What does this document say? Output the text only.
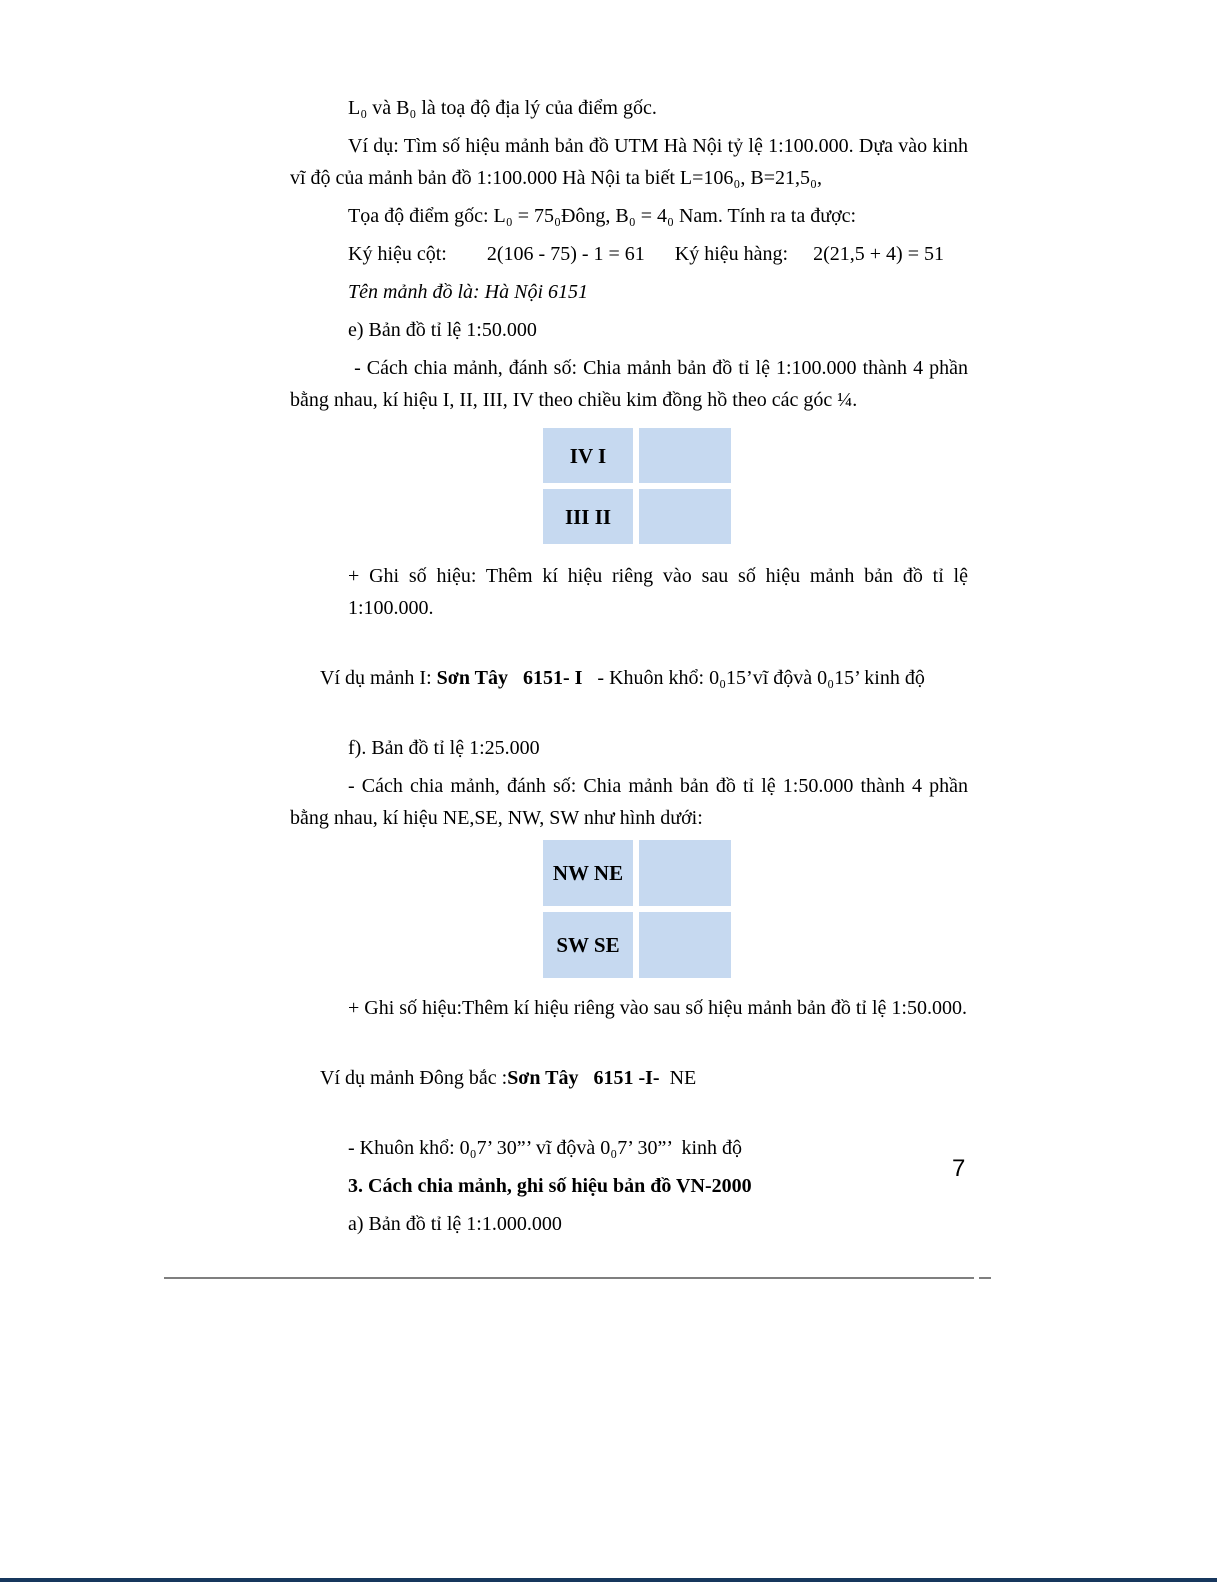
L₀ và B₀ là toạ độ địa lý của điểm gốc.

Ví dụ: Tìm số hiệu mảnh bản đồ UTM Hà Nội tỷ lệ 1:100.000. Dựa vào kinh vĩ độ của mảnh bản đồ 1:100.000 Hà Nội ta biết L=106₀, B=21,5₀,

Tọa độ điểm gốc: L₀ = 75₀Đông, B₀ = 4₀ Nam. Tính ra ta được:

Ký hiệu cột:        2(106 - 75) - 1 = 61      Ký hiệu hàng:     2(21,5 + 4) = 51

Tên mảnh đồ là: Hà Nội 6151

e) Bản đồ tỉ lệ 1:50.000

- Cách chia mảnh, đánh số: Chia mảnh bản đồ tỉ lệ 1:100.000 thành 4 phần bằng nhau, kí hiệu I, II, III, IV theo chiều kim đồng hồ theo các góc ¼.

IV I
III II

+ Ghi số hiệu: Thêm kí hiệu riêng vào sau số hiệu mảnh bản đồ tỉ lệ 1:100.000.

Ví dụ mảnh I: Sơn Tây   6151- I   - Khuôn khổ: 0₀15’vĩ độvà 0₀15’ kinh độ

f). Bản đồ tỉ lệ 1:25.000

- Cách chia mảnh, đánh số: Chia mảnh bản đồ tỉ lệ 1:50.000 thành 4 phần bằng nhau, kí hiệu NE,SE, NW, SW như hình dưới:

NW NE
SW SE

+ Ghi số hiệu:Thêm kí hiệu riêng vào sau số hiệu mảnh bản đồ tỉ lệ 1:50.000.

Ví dụ mảnh Đông bắc :Sơn Tây   6151 -I-  NE

- Khuôn khổ: 0₀7’ 30”’ vĩ độvà 0₀7’ 30”’  kinh độ

3. Cách chia mảnh, ghi số hiệu bản đồ VN-2000

a) Bản đồ tỉ lệ 1:1.000.000

7
